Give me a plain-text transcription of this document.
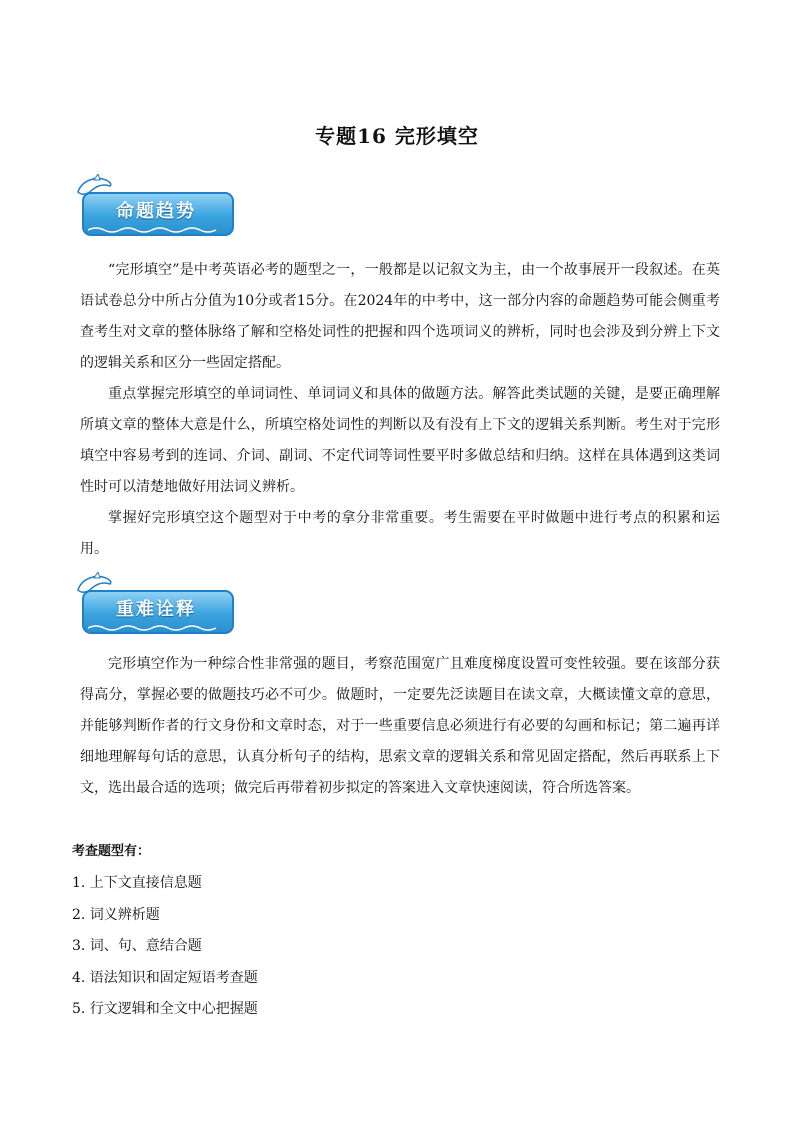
专题16 完形填空
命题趋势

“完形填空”是中考英语必考的题型之一，一般都是以记叙文为主，由一个故事展开一段叙述。在英语试卷总分中所占分值为10分或者15分。在2024年的中考中，这一部分内容的命题趋势可能会侧重考查考生对文章的整体脉络了解和空格处词性的把握和四个选项词义的辨析，同时也会涉及到分辨上下文的逻辑关系和区分一些固定搭配。

重点掌握完形填空的单词词性、单词词义和具体的做题方法。解答此类试题的关键，是要正确理解所填文章的整体大意是什么，所填空格处词性的判断以及有没有上下文的逻辑关系判断。考生对于完形填空中容易考到的连词、介词、副词、不定代词等词性要平时多做总结和归纳。这样在具体遇到这类词性时可以清楚地做好用法词义辨析。

掌握好完形填空这个题型对于中考的拿分非常重要。考生需要在平时做题中进行考点的积累和运用。

重难诠释

完形填空作为一种综合性非常强的题目，考察范围宽广且难度梯度设置可变性较强。要在该部分获得高分，掌握必要的做题技巧必不可少。做题时，一定要先泛读题目在读文章，大概读懂文章的意思，并能够判断作者的行文身份和文章时态，对于一些重要信息必须进行有必要的勾画和标记；第二遍再详细地理解每句话的意思，认真分析句子的结构，思索文章的逻辑关系和常见固定搭配，然后再联系上下文，选出最合适的选项；做完后再带着初步拟定的答案进入文章快速阅读，符合所选答案。

考查题型有：
1. 上下文直接信息题
2. 词义辨析题
3. 词、句、意结合题
4. 语法知识和固定短语考查题
5. 行文逻辑和全文中心把握题
